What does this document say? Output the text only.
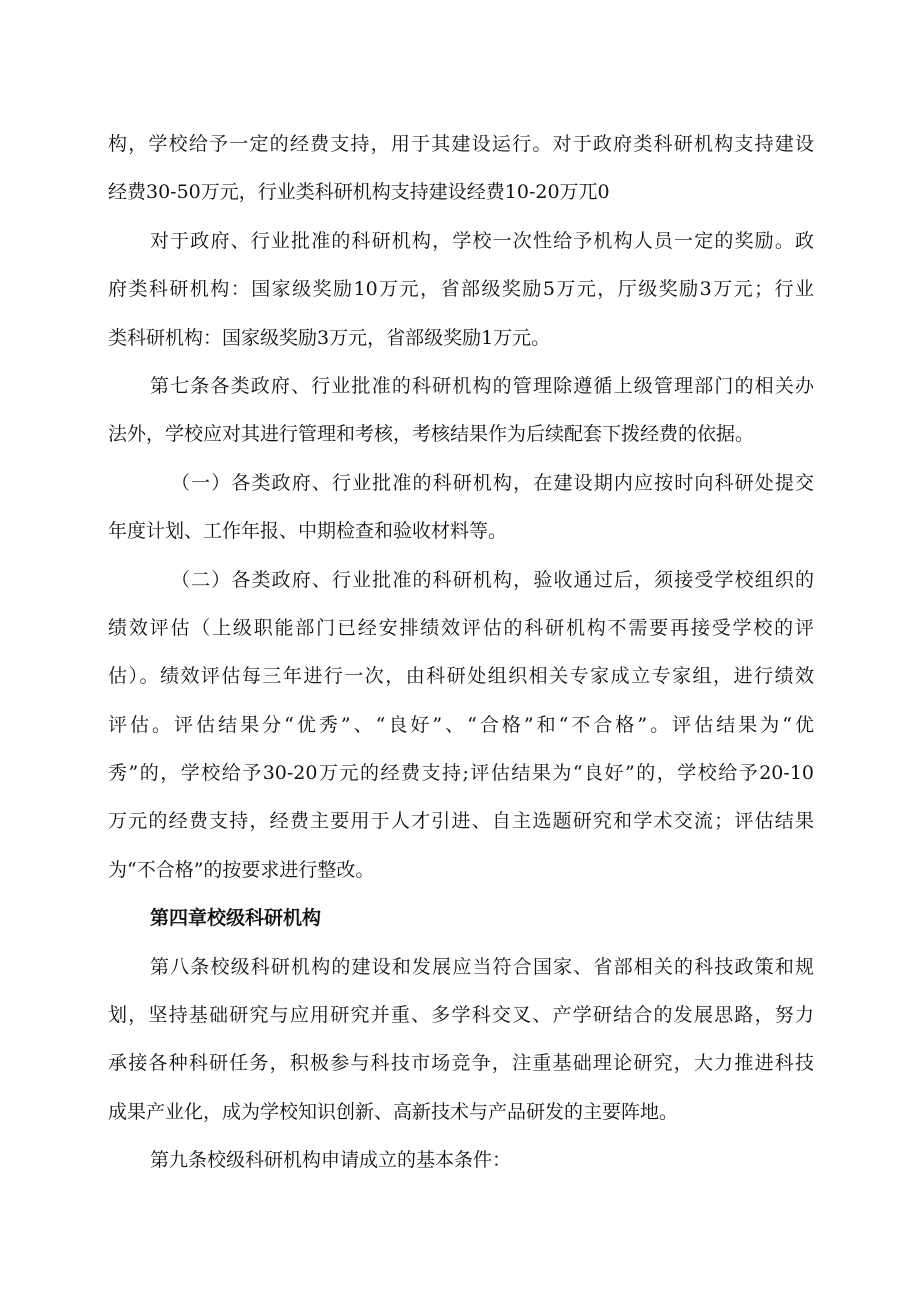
构，学校给予一定的经费支持，用于其建设运行。对于政府类科研机构支持建设
经费30-50万元，行业类科研机构支持建设经费10-20万兀0
对于政府、行业批准的科研机构，学校一次性给予机构人员一定的奖励。政
府类科研机构：国家级奖励10万元，省部级奖励5万元，厅级奖励3万元；行业
类科研机构：国家级奖励3万元，省部级奖励1万元。
第七条各类政府、行业批准的科研机构的管理除遵循上级管理部门的相关办
法外，学校应对其进行管理和考核，考核结果作为后续配套下拨经费的依据。
（一）各类政府、行业批准的科研机构，在建设期内应按时向科研处提交
年度计划、工作年报、中期检查和验收材料等。
（二）各类政府、行业批准的科研机构，验收通过后，须接受学校组织的
绩效评估（上级职能部门已经安排绩效评估的科研机构不需要再接受学校的评
估）。绩效评估每三年进行一次，由科研处组织相关专家成立专家组，进行绩效
评估。评估结果分“优秀”、“良好”、“合格”和“不合格”。评估结果为“优
秀”的，学校给予30-20万元的经费支持;评估结果为“良好”的，学校给予20-10
万元的经费支持，经费主要用于人才引进、自主选题研究和学术交流；评估结果
为“不合格”的按要求进行整改。
第四章校级科研机构
第八条校级科研机构的建设和发展应当符合国家、省部相关的科技政策和规
划，坚持基础研究与应用研究并重、多学科交叉、产学研结合的发展思路，努力
承接各种科研任务，积极参与科技市场竞争，注重基础理论研究，大力推进科技
成果产业化，成为学校知识创新、高新技术与产品研发的主要阵地。
第九条校级科研机构申请成立的基本条件：
